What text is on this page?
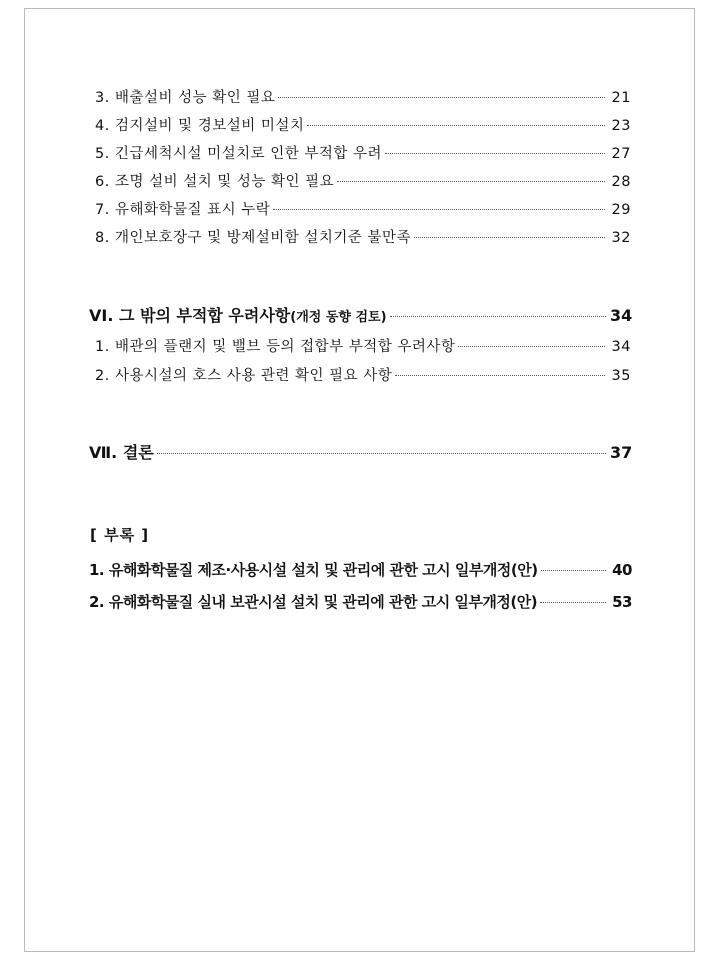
3. 배출설비 성능 확인 필요	21
4. 검지설비 및 경보설비 미설치	23
5. 긴급세척시설 미설치로 인한 부적합 우려	27
6. 조명 설비 설치 및 성능 확인 필요	28
7. 유해화학물질 표시 누락	29
8. 개인보호장구 및 방제설비함 설치기준 불만족	32
VI. 그 밖의 부적합 우려사항(개정 동향 검토)	34
1. 배관의 플랜지 및 밸브 등의 접합부 부적합 우려사항	34
2. 사용시설의 호스 사용 관련 확인 필요 사항	35
Ⅶ. 결론	37
[ 부록 ]
1. 유해화학물질 제조·사용시설 설치 및 관리에 관한 고시 일부개정(안)	40
2. 유해화학물질 실내 보관시설 설치 및 관리에 관한 고시 일부개정(안)	53
